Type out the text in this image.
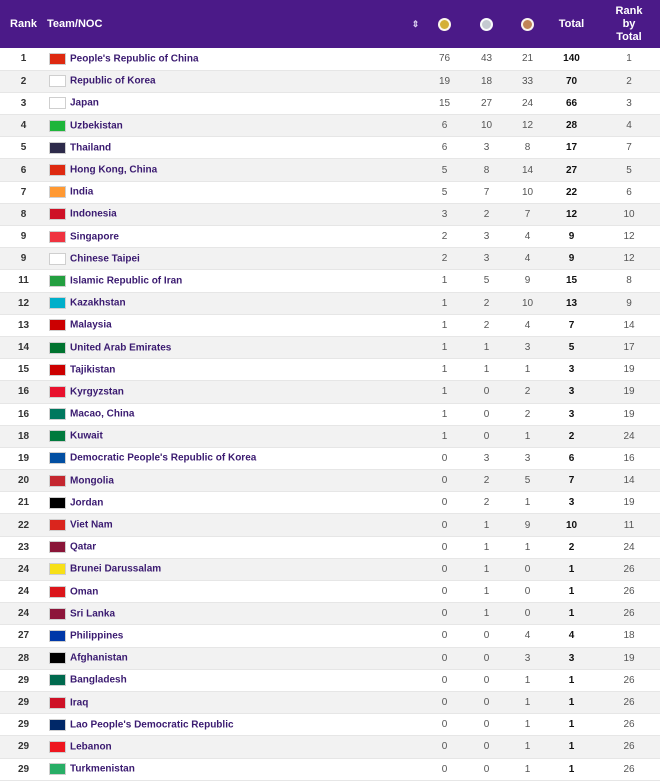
Rank	Team/NOC	⇕				Total	Rank
by
Total
1	People's Republic of China		76	43	21	140	1
2	Republic of Korea		19	18	33	70	2
3	Japan		15	27	24	66	3
4	Uzbekistan		6	10	12	28	4
5	Thailand		6	3	8	17	7
6	Hong Kong, China		5	8	14	27	5
7	India		5	7	10	22	6
8	Indonesia		3	2	7	12	10
9	Singapore		2	3	4	9	12
9	Chinese Taipei		2	3	4	9	12
11	Islamic Republic of Iran		1	5	9	15	8
12	Kazakhstan		1	2	10	13	9
13	Malaysia		1	2	4	7	14
14	United Arab Emirates		1	1	3	5	17
15	Tajikistan		1	1	1	3	19
16	Kyrgyzstan		1	0	2	3	19
16	Macao, China		1	0	2	3	19
18	Kuwait		1	0	1	2	24
19	Democratic People's Republic of Korea		0	3	3	6	16
20	Mongolia		0	2	5	7	14
21	Jordan		0	2	1	3	19
22	Viet Nam		0	1	9	10	11
23	Qatar		0	1	1	2	24
24	Brunei Darussalam		0	1	0	1	26
24	Oman		0	1	0	1	26
24	Sri Lanka		0	1	0	1	26
27	Philippines		0	0	4	4	18
28	Afghanistan		0	0	3	3	19
29	Bangladesh		0	0	1	1	26
29	Iraq		0	0	1	1	26
29	Lao People's Democratic Republic		0	0	1	1	26
29	Lebanon		0	0	1	1	26
29	Turkmenistan		0	0	1	1	26
